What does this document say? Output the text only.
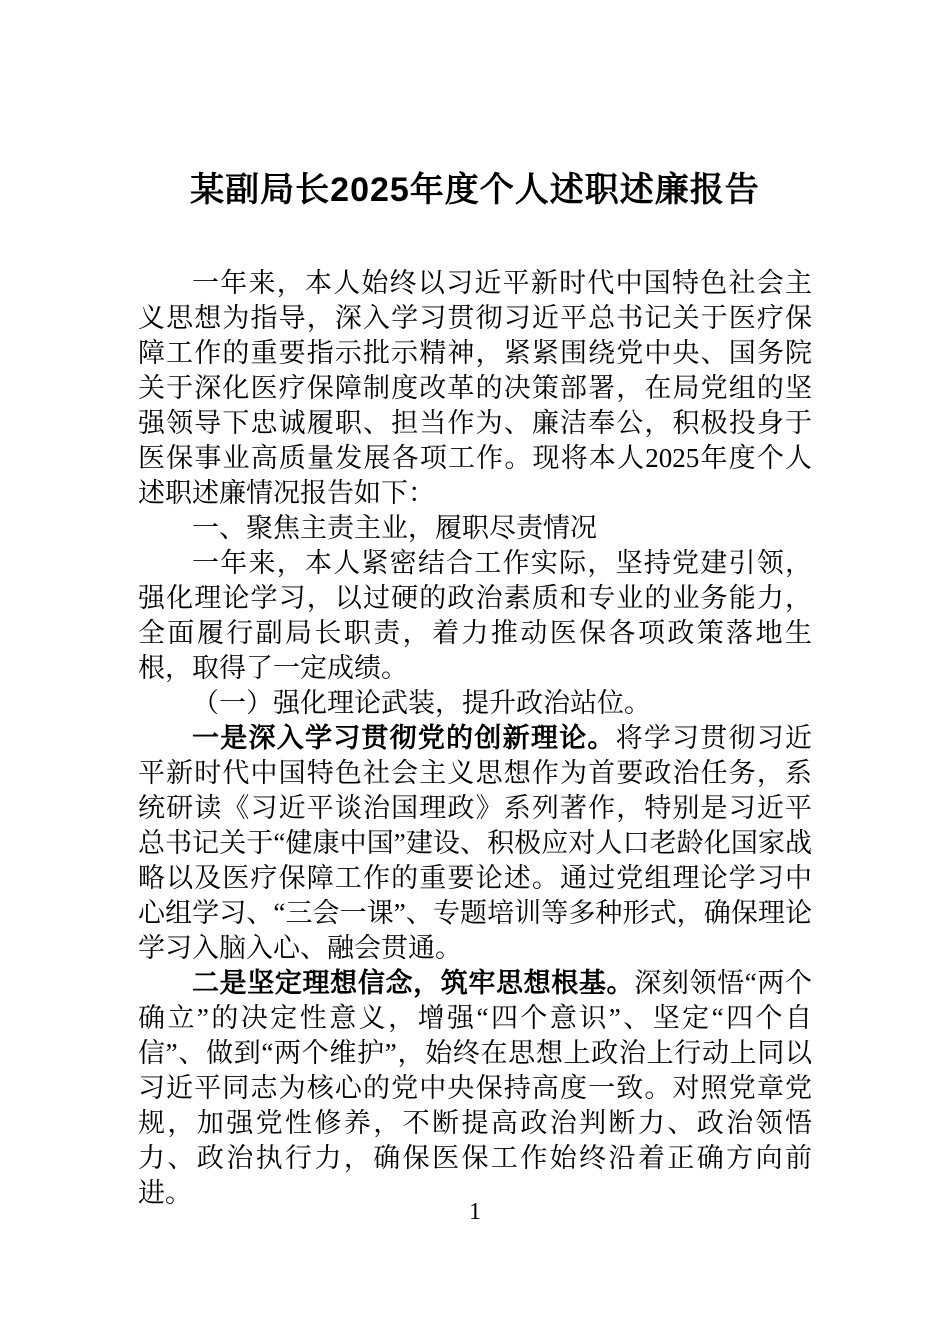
某副局长2025年度个人述职述廉报告

一年来，本人始终以习近平新时代中国特色社会主义思想为指导，深入学习贯彻习近平总书记关于医疗保障工作的重要指示批示精神，紧紧围绕党中央、国务院关于深化医疗保障制度改革的决策部署，在局党组的坚强领导下忠诚履职、担当作为、廉洁奉公，积极投身于医保事业高质量发展各项工作。现将本人2025年度个人述职述廉情况报告如下：

一、聚焦主责主业，履职尽责情况

一年来，本人紧密结合工作实际，坚持党建引领，强化理论学习，以过硬的政治素质和专业的业务能力，全面履行副局长职责，着力推动医保各项政策落地生根，取得了一定成绩。

（一）强化理论武装，提升政治站位。

一是深入学习贯彻党的创新理论。将学习贯彻习近平新时代中国特色社会主义思想作为首要政治任务，系统研读《习近平谈治国理政》系列著作，特别是习近平总书记关于“健康中国”建设、积极应对人口老龄化国家战略以及医疗保障工作的重要论述。通过党组理论学习中心组学习、“三会一课”、专题培训等多种形式，确保理论学习入脑入心、融会贯通。

二是坚定理想信念，筑牢思想根基。深刻领悟“两个确立”的决定性意义，增强“四个意识”、坚定“四个自信”、做到“两个维护”，始终在思想上政治上行动上同以习近平同志为核心的党中央保持高度一致。对照党章党规，加强党性修养，不断提高政治判断力、政治领悟力、政治执行力，确保医保工作始终沿着正确方向前进。

1
